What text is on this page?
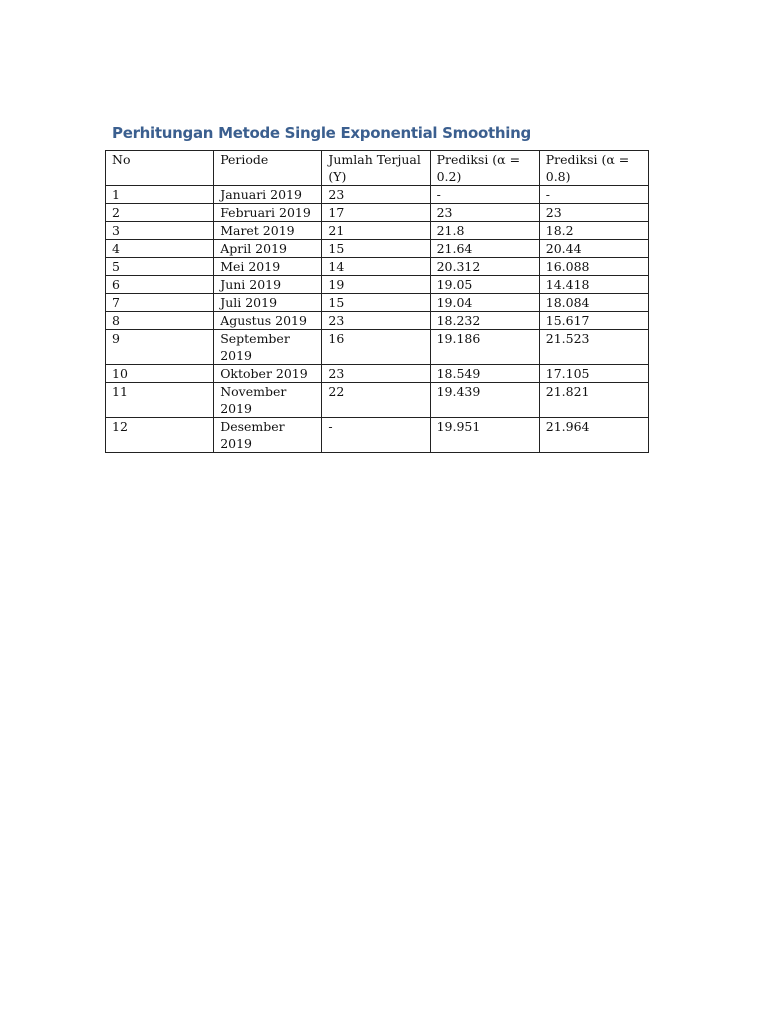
Perhitungan Metode Single Exponential Smoothing
No	Periode	Jumlah Terjual (Y)	Prediksi (α = 0.2)	Prediksi (α = 0.8)
1	Januari 2019	23	-	-
2	Februari 2019	17	23	23
3	Maret 2019	21	21.8	18.2
4	April 2019	15	21.64	20.44
5	Mei 2019	14	20.312	16.088
6	Juni 2019	19	19.05	14.418
7	Juli 2019	15	19.04	18.084
8	Agustus 2019	23	18.232	15.617
9	September 2019	16	19.186	21.523
10	Oktober 2019	23	18.549	17.105
11	November 2019	22	19.439	21.821
12	Desember 2019	-	19.951	21.964
